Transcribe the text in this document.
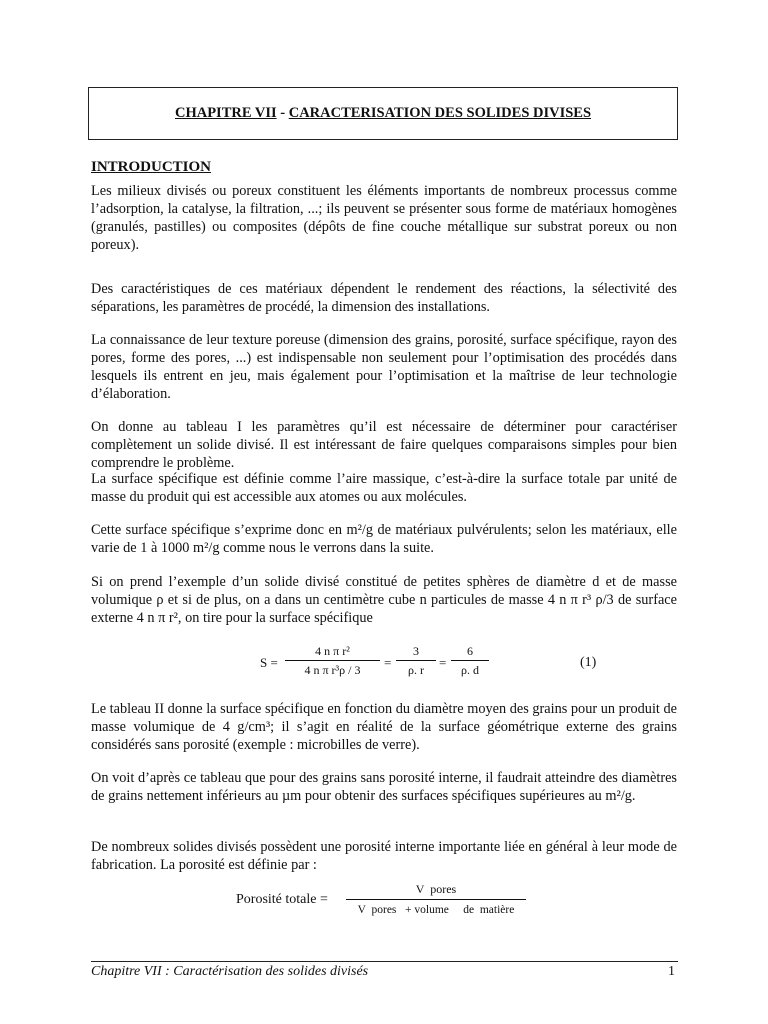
CHAPITRE VII - CARACTERISATION DES SOLIDES DIVISES
INTRODUCTION
Les milieux divisés ou poreux constituent les éléments importants de nombreux processus comme l’adsorption, la catalyse, la filtration, ...; ils peuvent se présenter sous forme de matériaux homogènes (granulés, pastilles) ou composites (dépôts de fine couche métallique sur substrat poreux ou non poreux).
Des caractéristiques de ces matériaux dépendent le rendement des réactions, la sélectivité des séparations, les paramètres de procédé, la dimension des installations.
La connaissance de leur texture poreuse (dimension des grains, porosité, surface spécifique, rayon des pores, forme des pores, ...) est indispensable non seulement pour l’optimisation des procédés dans lesquels ils entrent en jeu, mais également pour l’optimisation et la maîtrise de leur technologie d’élaboration.
On donne au tableau I les paramètres qu’il est nécessaire de déterminer pour caractériser complètement un solide divisé. Il est intéressant de faire quelques comparaisons simples pour bien comprendre le problème.
La surface spécifique est définie comme l’aire massique, c’est-à-dire la surface totale par unité de masse du produit qui est accessible aux atomes ou aux molécules.
Cette surface spécifique s’exprime donc en m²/g de matériaux pulvérulents; selon les matériaux, elle varie de 1 à 1000 m²/g comme nous le verrons dans la suite.
Si on prend l’exemple d’un solide divisé constitué de petites sphères de diamètre d et de masse volumique ρ et si de plus, on a dans un centimètre cube n particules de masse 4 n π r³ ρ/3 de surface externe 4 n π r², on tire pour la surface spécifique
$S = \frac{\text{4 n π r²}}{\text{4 n π r³ρ / 3}} = \frac{3}{\rho. r} = \frac{6}{\rho. d}$	(1)
Le tableau II donne la surface spécifique en fonction du diamètre moyen des grains pour un produit de masse volumique de 4 g/cm³; il s’agit en réalité de la surface géométrique externe des grains considérés sans porosité (exemple : microbilles de verre).
On voit d’après ce tableau que pour des grains sans porosité interne, il faudrait atteindre des diamètres de grains nettement inférieurs au µm pour obtenir des surfaces spécifiques supérieures au m²/g.
De nombreux solides divisés possèdent une porosité interne importante liée en général à leur mode de fabrication. La porosité est définie par :
Porosité totale =
V  pores
V  pores   + volume     de  matière
Chapitre VII : Caractérisation des solides divisés	1
